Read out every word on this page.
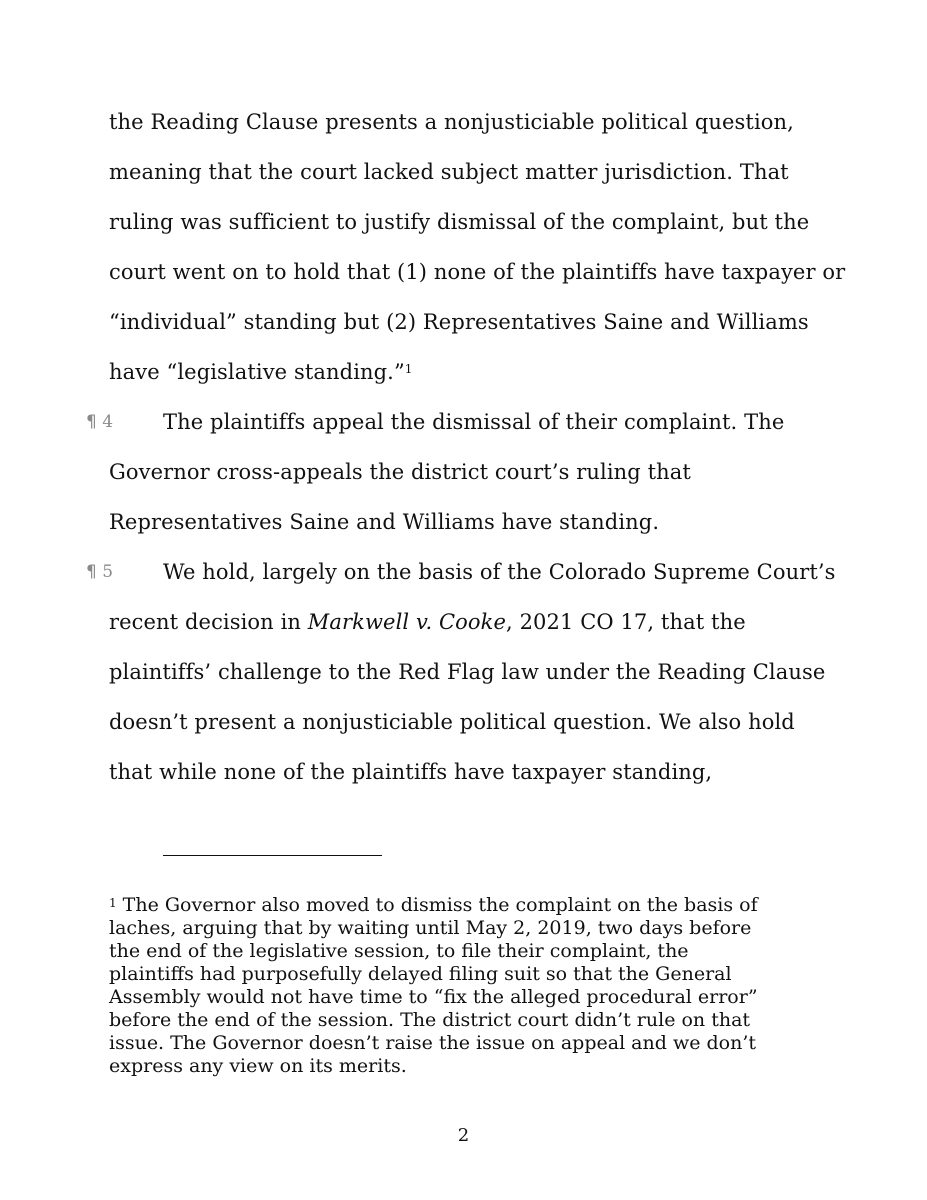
the Reading Clause presents a nonjusticiable political question,
meaning that the court lacked subject matter jurisdiction. That
ruling was sufficient to justify dismissal of the complaint, but the
court went on to hold that (1) none of the plaintiffs have taxpayer or
“individual” standing but (2) Representatives Saine and Williams
have “legislative standing.”$^1$
¶ 4 The plaintiffs appeal the dismissal of their complaint. The
Governor cross-appeals the district court’s ruling that
Representatives Saine and Williams have standing.
¶ 5 We hold, largely on the basis of the Colorado Supreme Court’s
recent decision in Markwell v. Cooke, 2021 CO 17, that the
plaintiffs’ challenge to the Red Flag law under the Reading Clause
doesn’t present a nonjusticiable political question. We also hold
that while none of the plaintiffs have taxpayer standing,
$^1$ The Governor also moved to dismiss the complaint on the basis of
laches, arguing that by waiting until May 2, 2019, two days before
the end of the legislative session, to file their complaint, the
plaintiffs had purposefully delayed filing suit so that the General
Assembly would not have time to “fix the alleged procedural error”
before the end of the session. The district court didn’t rule on that
issue. The Governor doesn’t raise the issue on appeal and we don’t
express any view on its merits.
2
